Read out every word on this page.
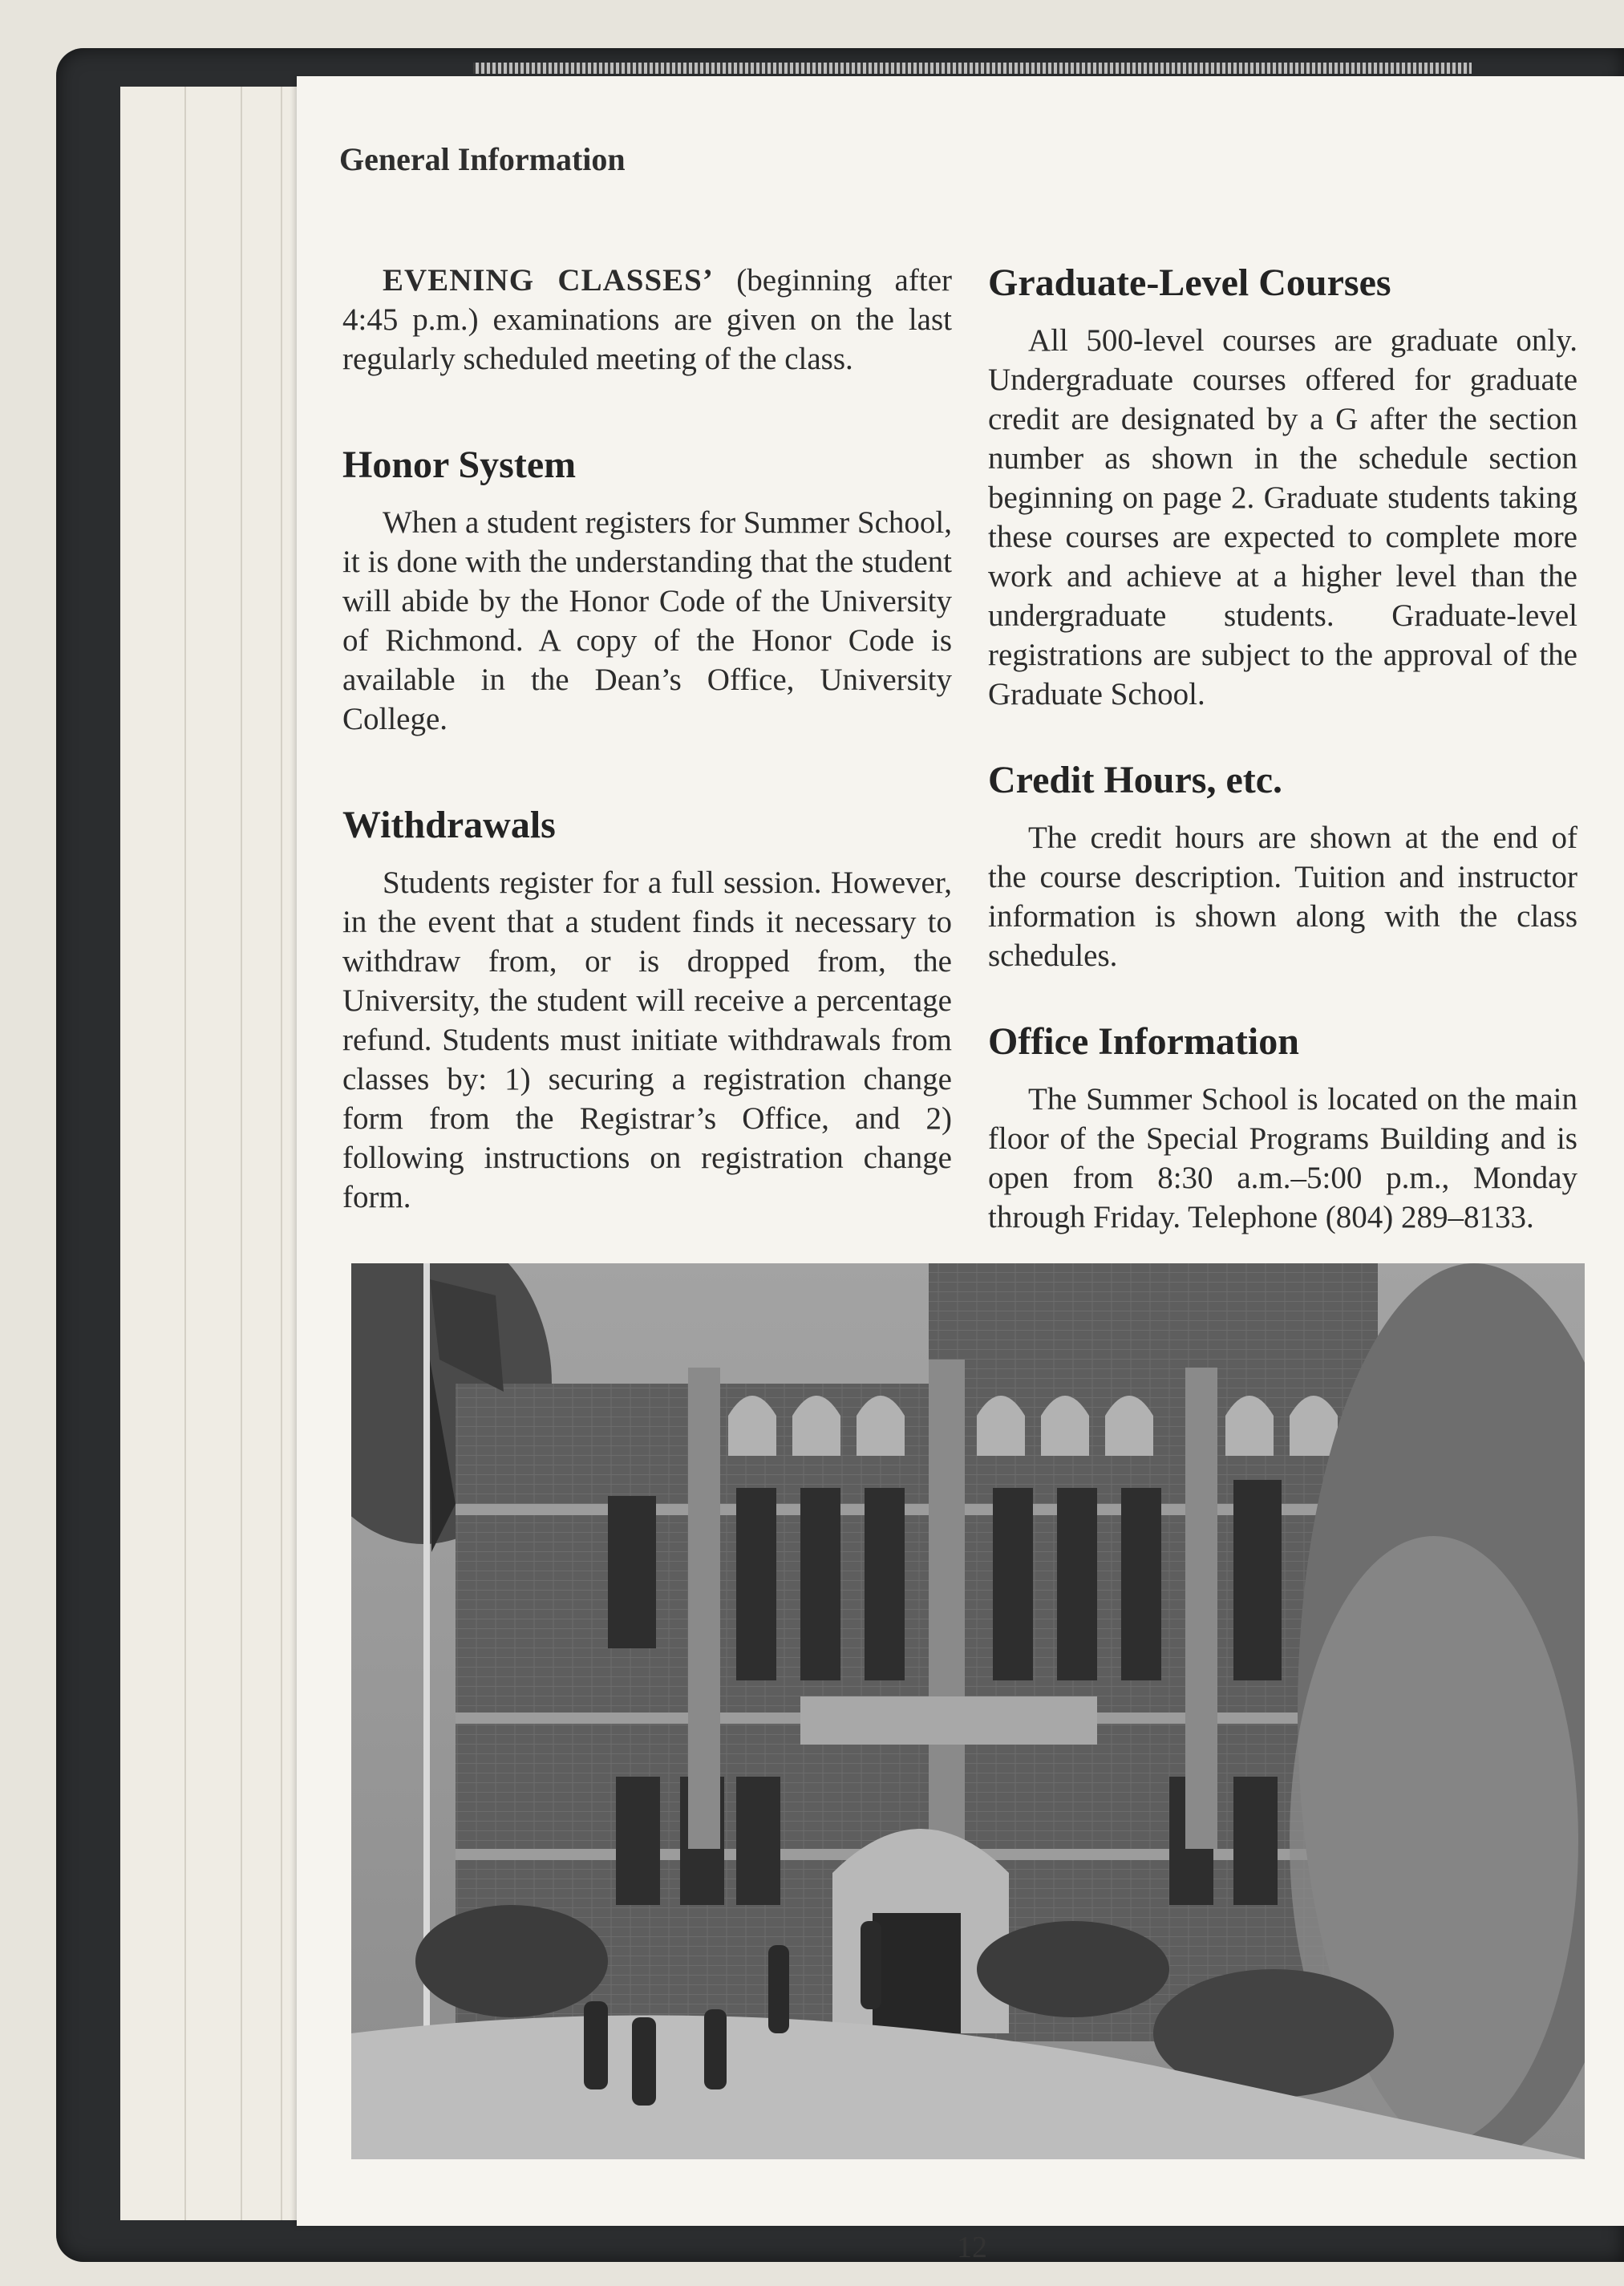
General Information

EVENING CLASSES’ (beginning after 4:45 p.m.) examinations are given on the last regularly scheduled meeting of the class.

Honor System

When a student registers for Summer School, it is done with the understanding that the student will abide by the Honor Code of the University of Richmond. A copy of the Honor Code is available in the Dean’s Office, University College.

Withdrawals

Students register for a full session. However, in the event that a student finds it necessary to withdraw from, or is dropped from, the University, the student will receive a percentage refund. Students must initiate withdrawals from classes by: 1) securing a registration change form from the Registrar’s Office, and 2) following instructions on registration change form.

Graduate-Level Courses

All 500-level courses are graduate only. Undergraduate courses offered for graduate credit are designated by a G after the section number as shown in the schedule section beginning on page 2. Graduate students taking these courses are expected to complete more work and achieve at a higher level than the undergraduate students. Graduate-level registrations are subject to the approval of the Graduate School.

Credit Hours, etc.

The credit hours are shown at the end of the course description. Tuition and instructor information is shown along with the class schedules.

Office Information

The Summer School is located on the main floor of the Special Programs Building and is open from 8:30 a.m.–5:00 p.m., Monday through Friday. Telephone (804) 289–8133.

12
